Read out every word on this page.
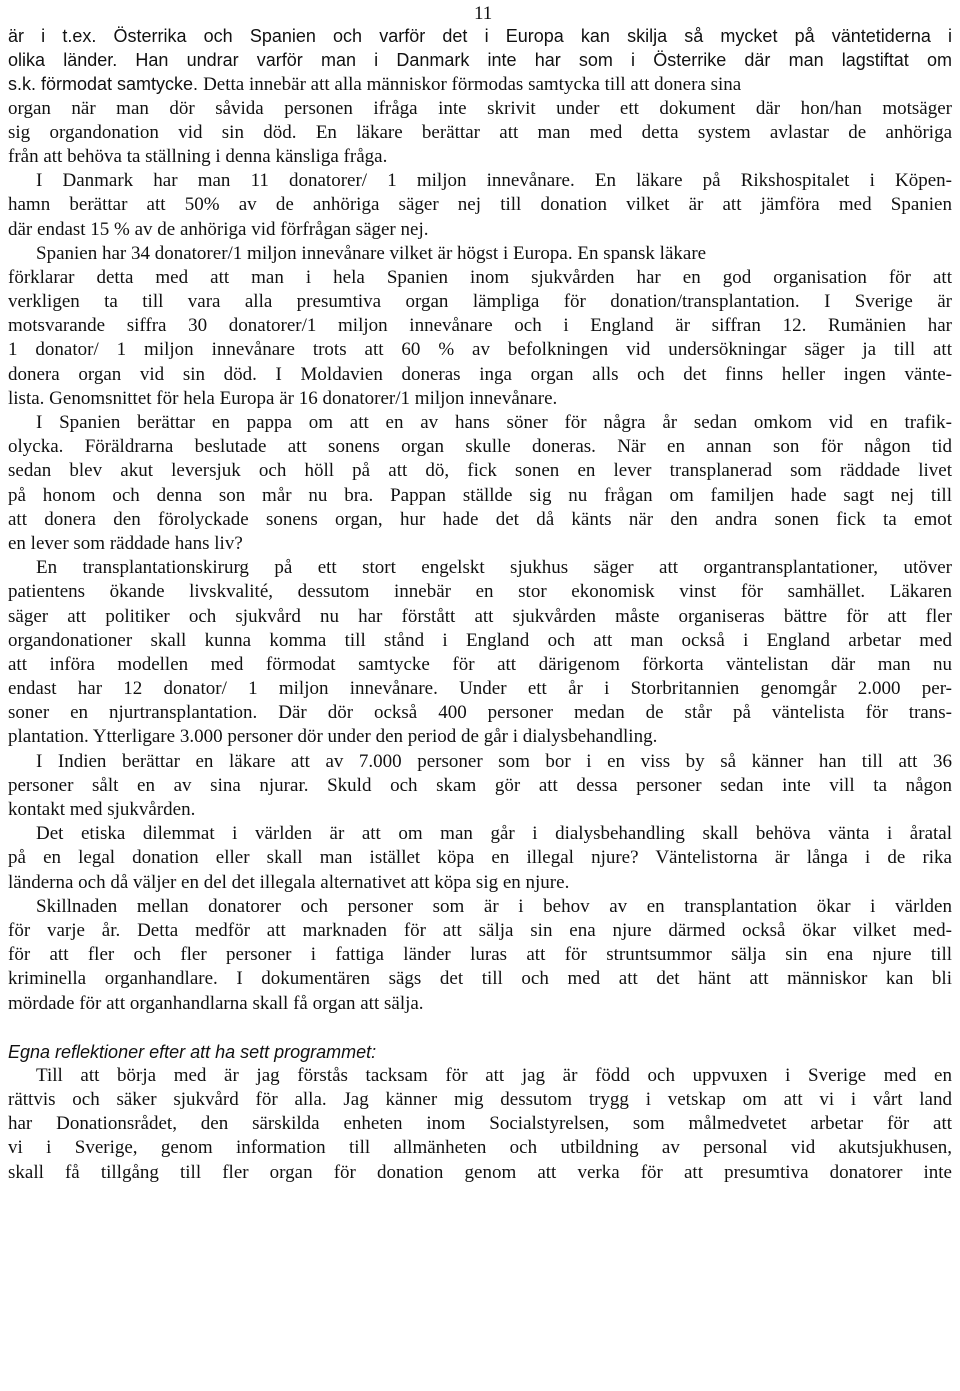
11
är i t.ex. Österrika och Spanien och varför det i Europa kan skilja så mycket på väntetiderna i
olika länder. Han undrar varför man i Danmark inte har som i Österrike där man lagstiftat om
s.k. förmodat samtycke. Detta innebär att alla människor förmodas samtycka till att donera sina
organ när man dör såvida personen ifråga inte skrivit under ett dokument där hon/han motsäger
sig organdonation vid sin död. En läkare berättar att man med detta system avlastar de anhöriga
från att behöva ta ställning i denna känsliga fråga.
I Danmark har man 11 donatorer/ 1 miljon innevånare. En läkare på Rikshospitalet i Köpen-
hamn berättar att 50% av de anhöriga säger nej till donation vilket är att jämföra med Spanien
där endast 15 % av de anhöriga vid förfrågan säger nej.
Spanien har 34 donatorer/1 miljon innevånare vilket är högst i Europa. En spansk läkare
förklarar detta med att man i hela Spanien inom sjukvården har en god organisation för att
verkligen ta till vara alla presumtiva organ lämpliga för donation/transplantation. I Sverige är
motsvarande siffra 30 donatorer/1 miljon innevånare och i England är siffran 12. Rumänien har
1 donator/ 1 miljon innevånare trots att 60 % av befolkningen vid undersökningar säger ja till att
donera organ vid sin död. I Moldavien doneras inga organ alls och det finns heller ingen vänte-
lista. Genomsnittet för hela Europa är 16 donatorer/1 miljon innevånare.
I Spanien berättar en pappa om att en av hans söner för några år sedan omkom vid en trafik-
olycka. Föräldrarna beslutade att sonens organ skulle doneras. När en annan son för någon tid
sedan blev akut leversjuk och höll på att dö, fick sonen en lever transplanerad som räddade livet
på honom och denna son mår nu bra. Pappan ställde sig nu frågan om familjen hade sagt nej till
att donera den förolyckade sonens organ, hur hade det då känts när den andra sonen fick ta emot
en lever som räddade hans liv?
En transplantationskirurg på ett stort engelskt sjukhus säger att organtransplantationer, utöver
patientens ökande livskvalité, dessutom innebär en stor ekonomisk vinst för samhället. Läkaren
säger att politiker och sjukvård nu har förstått att sjukvården måste organiseras bättre för att fler
organdonationer skall kunna komma till stånd i England och att man också i England arbetar med
att införa modellen med förmodat samtycke för att därigenom förkorta väntelistan där man nu
endast har 12 donator/ 1 miljon innevånare. Under ett år i Storbritannien genomgår 2.000 per-
soner en njurtransplantation. Där dör också 400 personer medan de står på väntelista för trans-
plantation. Ytterligare 3.000 personer dör under den period de går i dialysbehandling.
I Indien berättar en läkare att av 7.000 personer som bor i en viss by så känner han till att 36
personer sålt en av sina njurar. Skuld och skam gör att dessa personer sedan inte vill ta någon
kontakt med sjukvården.
Det etiska dilemmat i världen är att om man går i dialysbehandling skall behöva vänta i åratal
på en legal donation eller skall man istället köpa en illegal njure? Väntelistorna är långa i de rika
länderna och då väljer en del det illegala alternativet att köpa sig en njure.
Skillnaden mellan donatorer och personer som är i behov av en transplantation ökar i världen
för varje år. Detta medför att marknaden för att sälja sin ena njure därmed också ökar vilket med-
för att fler och fler personer i fattiga länder luras att för struntsummor sälja sin ena njure till
kriminella organhandlare. I dokumentären sägs det till och med att det hänt att människor kan bli
mördade för att organhandlarna skall få organ att sälja.
Egna reflektioner efter att ha sett programmet:
Till att börja med är jag förstås tacksam för att jag är född och uppvuxen i Sverige med en
rättvis och säker sjukvård för alla. Jag känner mig dessutom trygg i vetskap om att vi i vårt land
har Donationsrådet, den särskilda enheten inom Socialstyrelsen, som målmedvetet arbetar för att
vi i Sverige, genom information till allmänheten och utbildning av personal vid akutsjukhusen,
skall få tillgång till fler organ för donation genom att verka för att presumtiva donatorer inte
